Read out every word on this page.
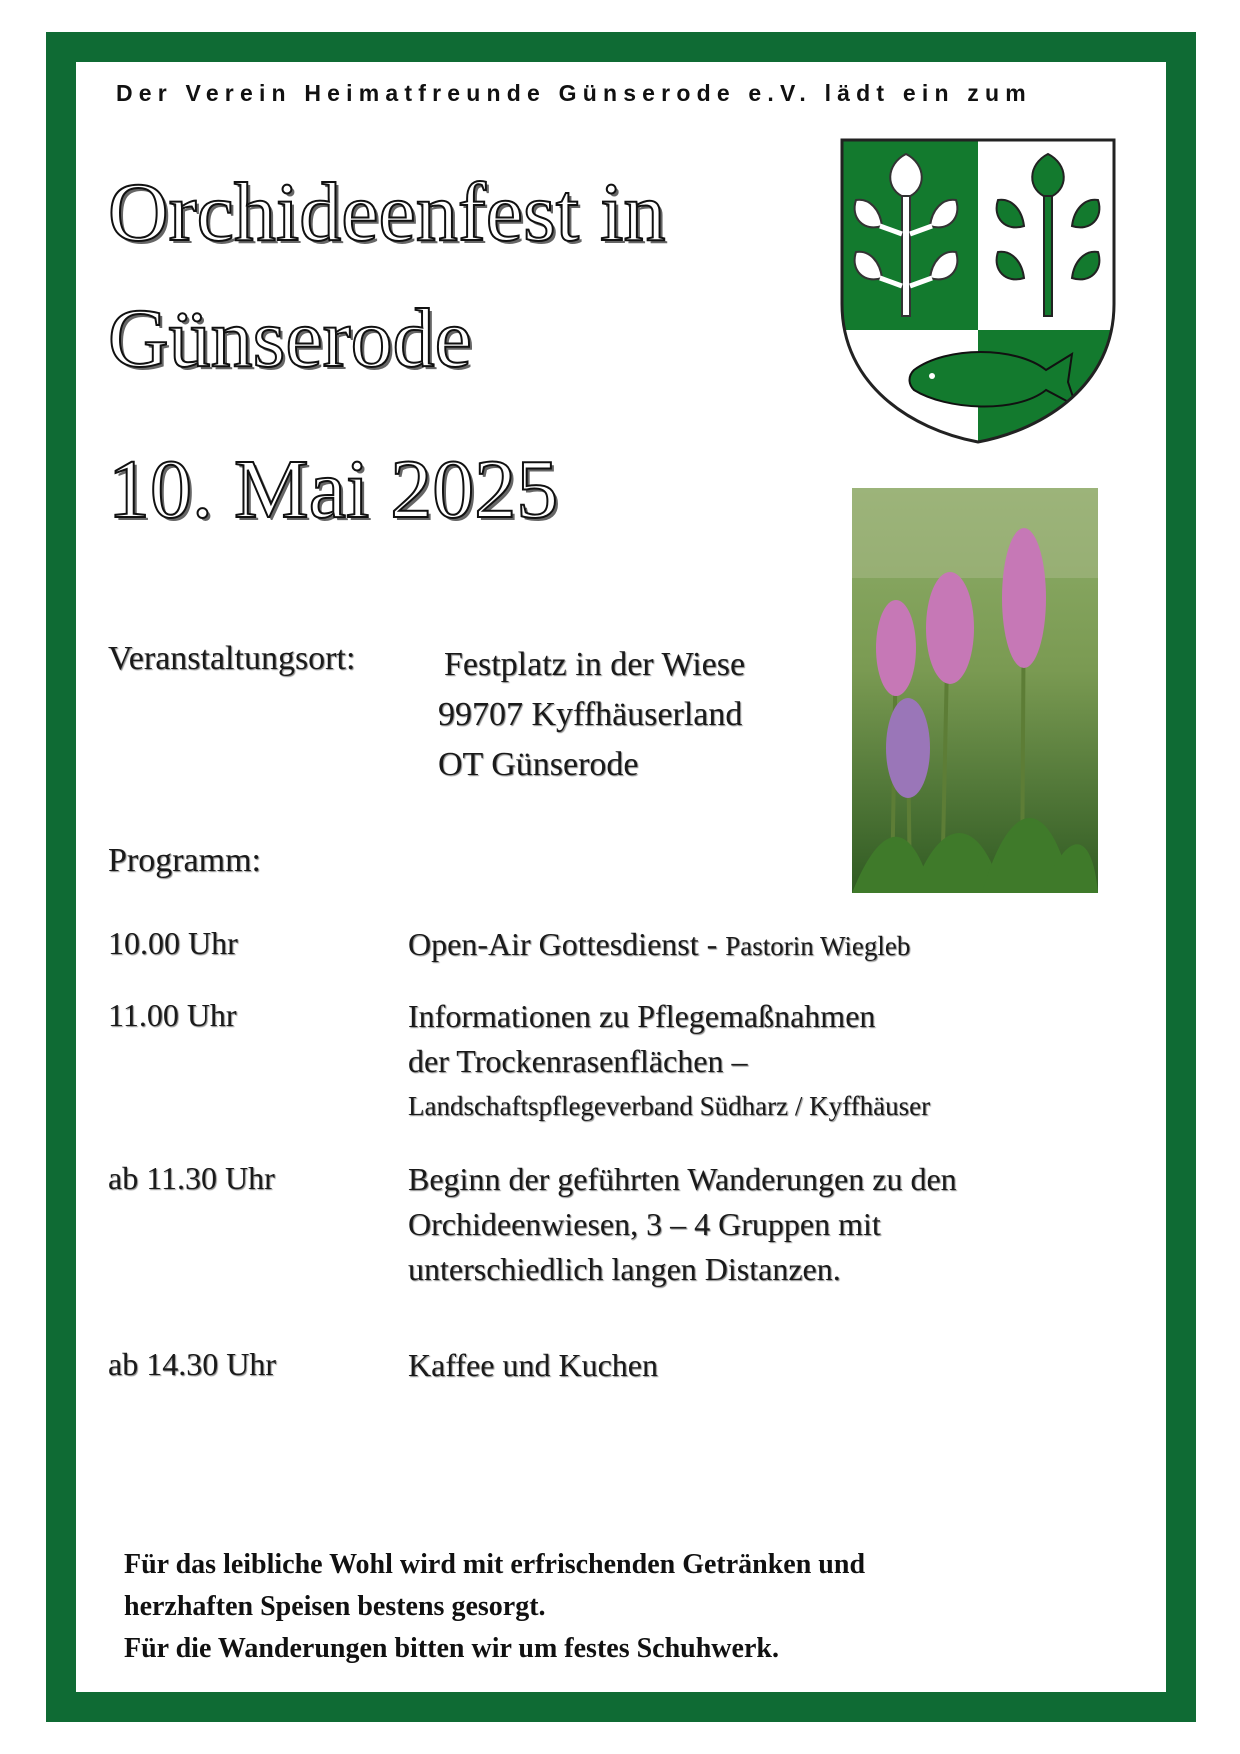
Der Verein Heimatfreunde Günserode e.V. lädt ein zum
Orchideenfest in
Günserode
10. Mai 2025
Veranstaltungsort:	Festplatz in der Wiese
99707 Kyffhäuserland
OT Günserode
Programm:
10.00 Uhr	Open-Air Gottesdienst - Pastorin Wiegleb
11.00 Uhr	Informationen zu Pflegemaßnahmen
der Trockenrasenflächen –
Landschaftspflegeverband Südharz / Kyffhäuser
ab 11.30 Uhr	Beginn der geführten Wanderungen zu den
Orchideenwiesen, 3 – 4 Gruppen mit
unterschiedlich langen Distanzen.
ab 14.30 Uhr	Kaffee und Kuchen
Für das leibliche Wohl wird mit erfrischenden Getränken und
herzhaften Speisen bestens gesorgt.
Für die Wanderungen bitten wir um festes Schuhwerk.
